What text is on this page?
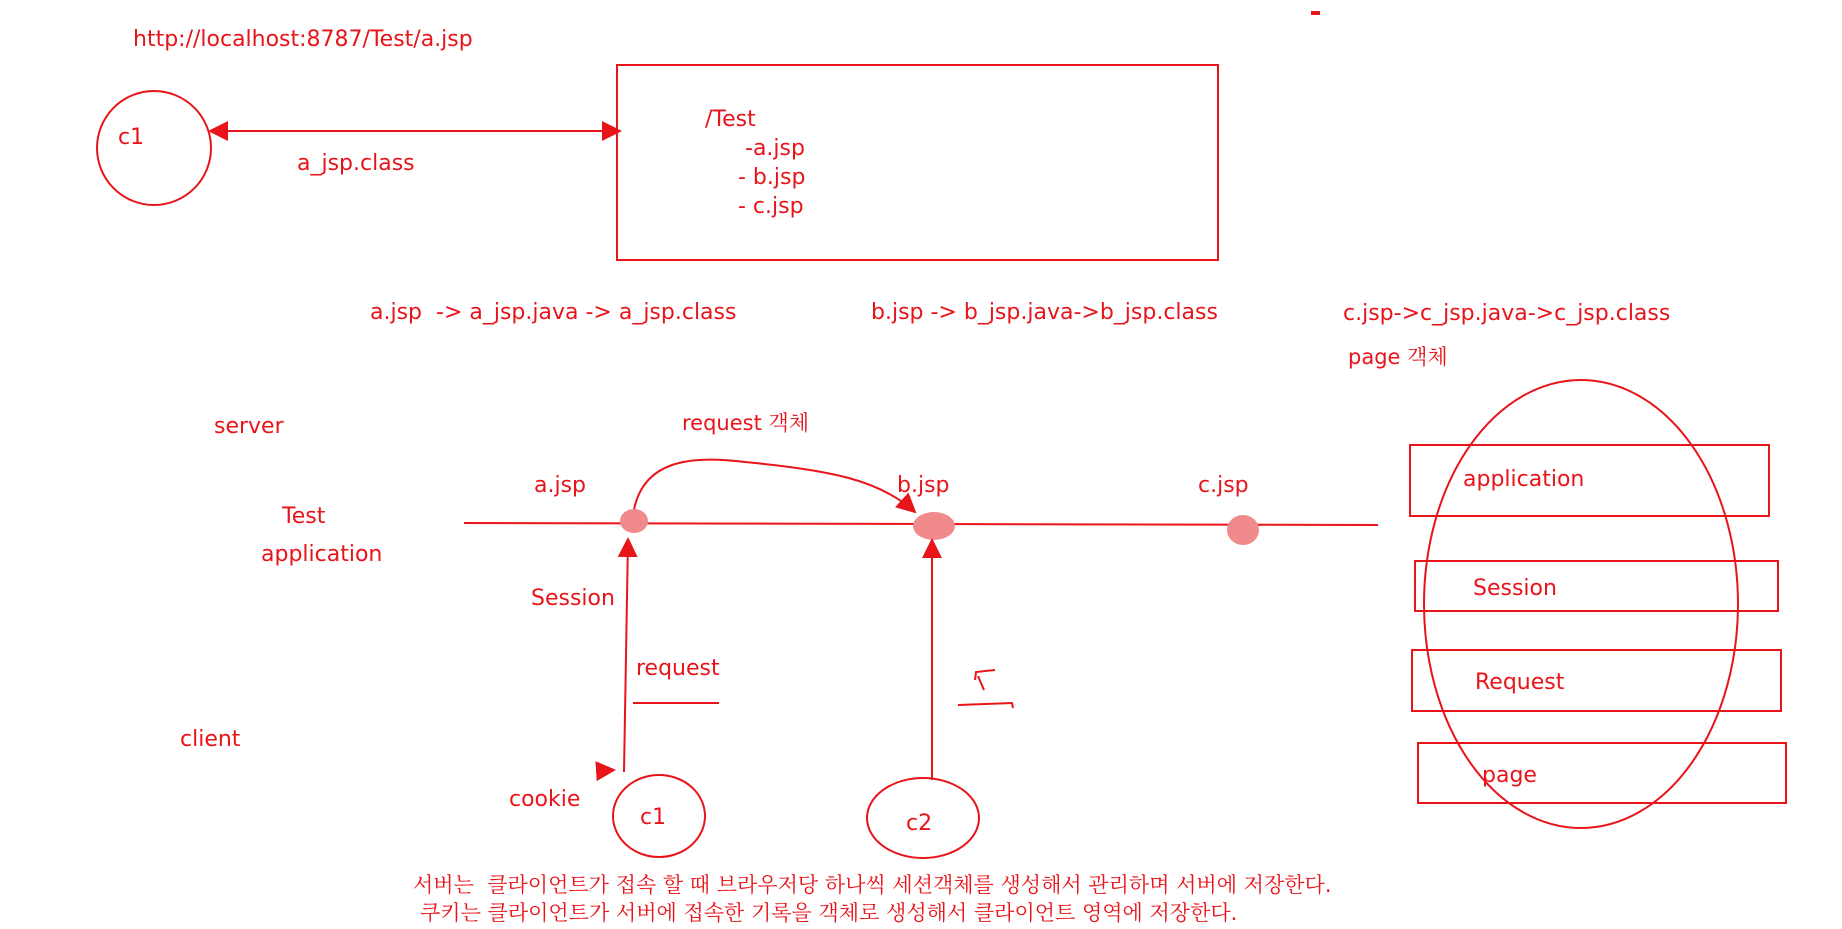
http://localhost:8787/Test/a.jsp
c1
a_jsp.class
/Test
-a.jsp
- b.jsp
- c.jsp
a.jsp  -> a_jsp.java -> a_jsp.class	b.jsp -> b_jsp.java->b_jsp.class	c.jsp->c_jsp.java->c_jsp.class
page 객체
server
Test
application
client
request 객체
a.jsp	b.jsp	c.jsp
Session
request
cookie
c1	c2
application
Session
Request
page
서버는  클라이언트가 접속 할 때 브라우저당 하나씩 세션객체를 생성해서 관리하며 서버에 저장한다.
쿠키는 클라이언트가 서버에 접속한 기록을 객체로 생성해서 클라이언트 영역에 저장한다.
